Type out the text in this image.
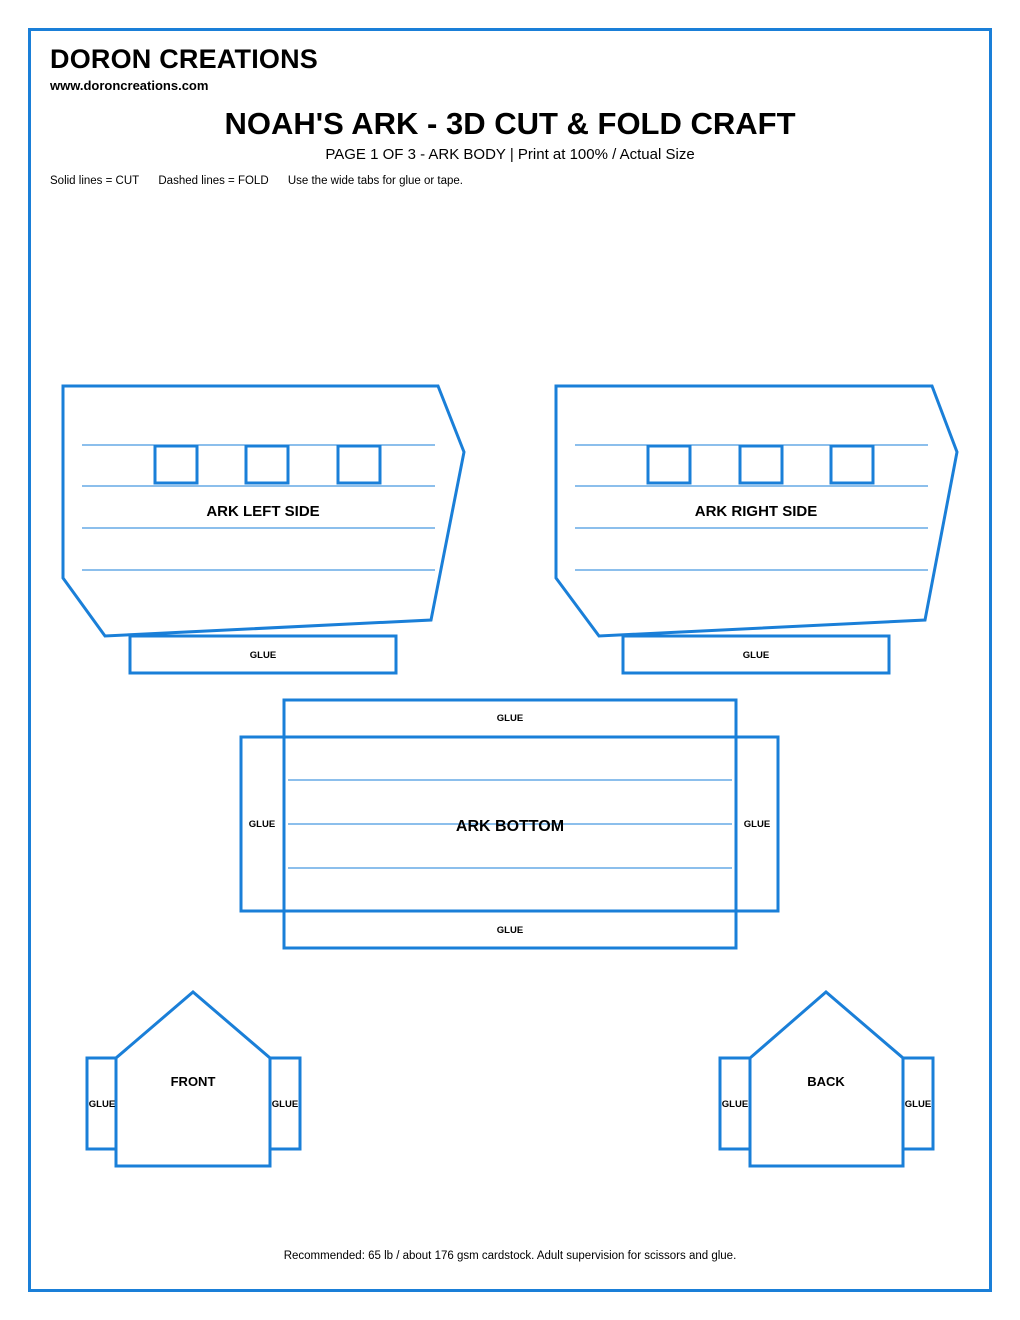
DORON CREATIONS
www.doroncreations.com
NOAH'S ARK - 3D CUT & FOLD CRAFT
PAGE 1 OF 3 - ARK BODY | Print at 100% / Actual Size
Solid lines = CUT Dashed lines = FOLD Use the wide tabs for glue or tape.
GLUE
ARK LEFT SIDE
GLUE
ARK RIGHT SIDE
GLUE
GLUE
GLUE	GLUE
ARK BOTTOM
FRONT
GLUE	GLUE
BACK
GLUE	GLUE
Recommended: 65 lb / about 176 gsm cardstock. Adult supervision for scissors and glue.
